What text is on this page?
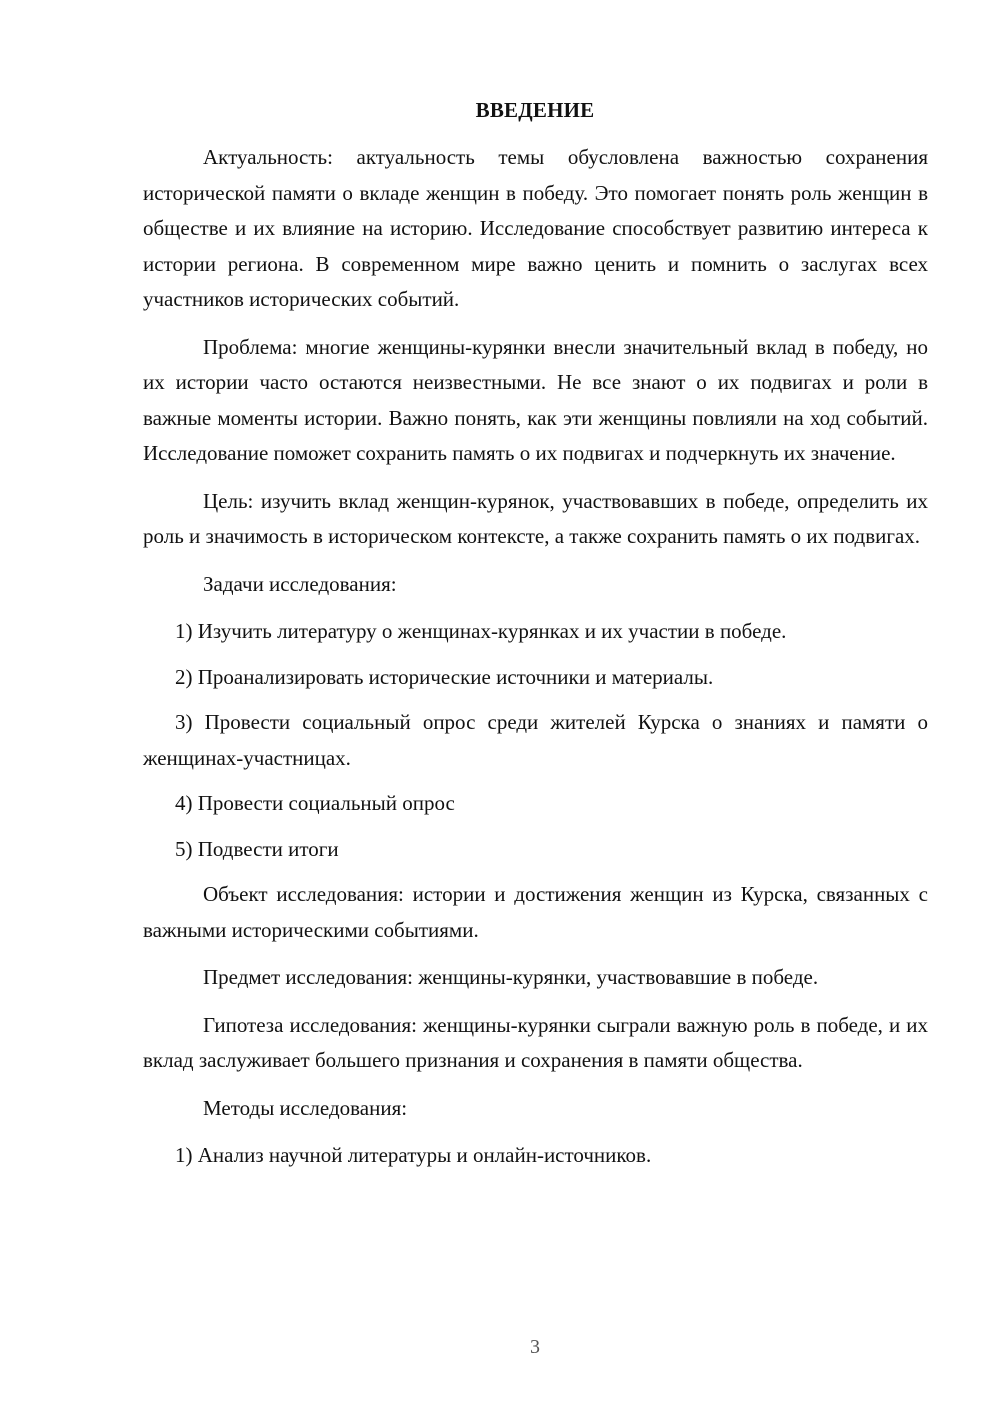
ВВЕДЕНИЕ

Актуальность: актуальность темы обусловлена важностью сохранения исторической памяти о вкладе женщин в победу. Это помогает понять роль женщин в обществе и их влияние на историю. Исследование способствует развитию интереса к истории региона. В современном мире важно ценить и помнить о заслугах всех участников исторических событий.

Проблема: многие женщины-курянки внесли значительный вклад в победу, но их истории часто остаются неизвестными. Не все знают о их подвигах и роли в важные моменты истории. Важно понять, как эти женщины повлияли на ход событий. Исследование поможет сохранить память о их подвигах и подчеркнуть их значение.

Цель: изучить вклад женщин-курянок, участвовавших в победе, определить их роль и значимость в историческом контексте, а также сохранить память о их подвигах.

Задачи исследования:

1) Изучить литературу о женщинах-курянках и их участии в победе.

2) Проанализировать исторические источники и материалы.

3) Провести социальный опрос среди жителей Курска о знаниях и памяти о женщинах-участницах.

4) Провести социальный опрос

5) Подвести итоги

Объект исследования: истории и достижения женщин из Курска, связанных с важными историческими событиями.

Предмет исследования: женщины-курянки, участвовавшие в победе.

Гипотеза исследования: женщины-курянки сыграли важную роль в победе, и их вклад заслуживает большего признания и сохранения в памяти общества.

Методы исследования:

1) Анализ научной литературы и онлайн-источников.

3
